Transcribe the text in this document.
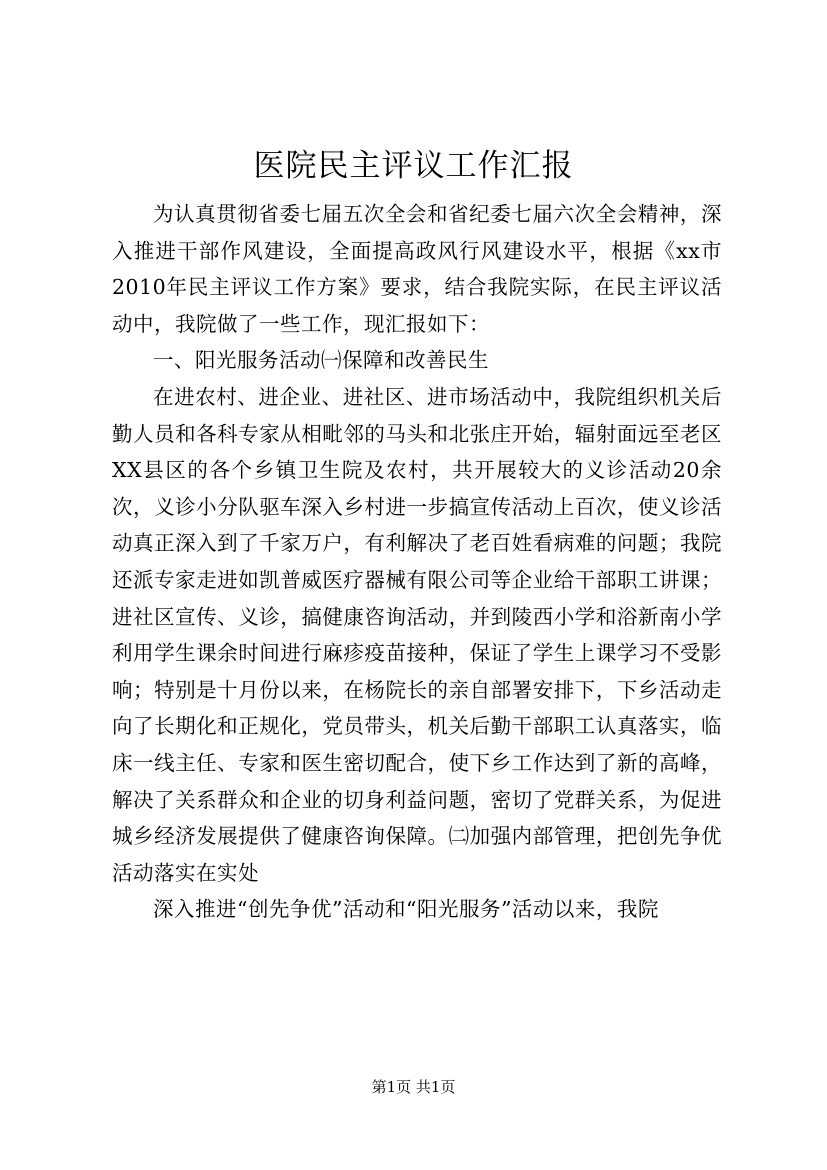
医院民主评议工作汇报

为认真贯彻省委七届五次全会和省纪委七届六次全会精神，深入推进干部作风建设，全面提高政风行风建设水平，根据《xx市2010年民主评议工作方案》要求，结合我院实际，在民主评议活动中，我院做了一些工作，现汇报如下：

一、阳光服务活动㈠保障和改善民生

在进农村、进企业、进社区、进市场活动中，我院组织机关后勤人员和各科专家从相毗邻的马头和北张庄开始，辐射面远至老区XX县区的各个乡镇卫生院及农村，共开展较大的义诊活动20余次，义诊小分队驱车深入乡村进一步搞宣传活动上百次，使义诊活动真正深入到了千家万户，有利解决了老百姓看病难的问题；我院还派专家走进如凯普威医疗器械有限公司等企业给干部职工讲课；进社区宣传、义诊，搞健康咨询活动，并到陵西小学和浴新南小学利用学生课余时间进行麻疹疫苗接种，保证了学生上课学习不受影响；特别是十月份以来，在杨院长的亲自部署安排下，下乡活动走向了长期化和正规化，党员带头，机关后勤干部职工认真落实，临床一线主任、专家和医生密切配合，使下乡工作达到了新的高峰，解决了关系群众和企业的切身利益问题，密切了党群关系，为促进城乡经济发展提供了健康咨询保障。㈡加强内部管理，把创先争优活动落实在实处

深入推进“创先争优”活动和“阳光服务”活动以来，我院

第1页 共1页
